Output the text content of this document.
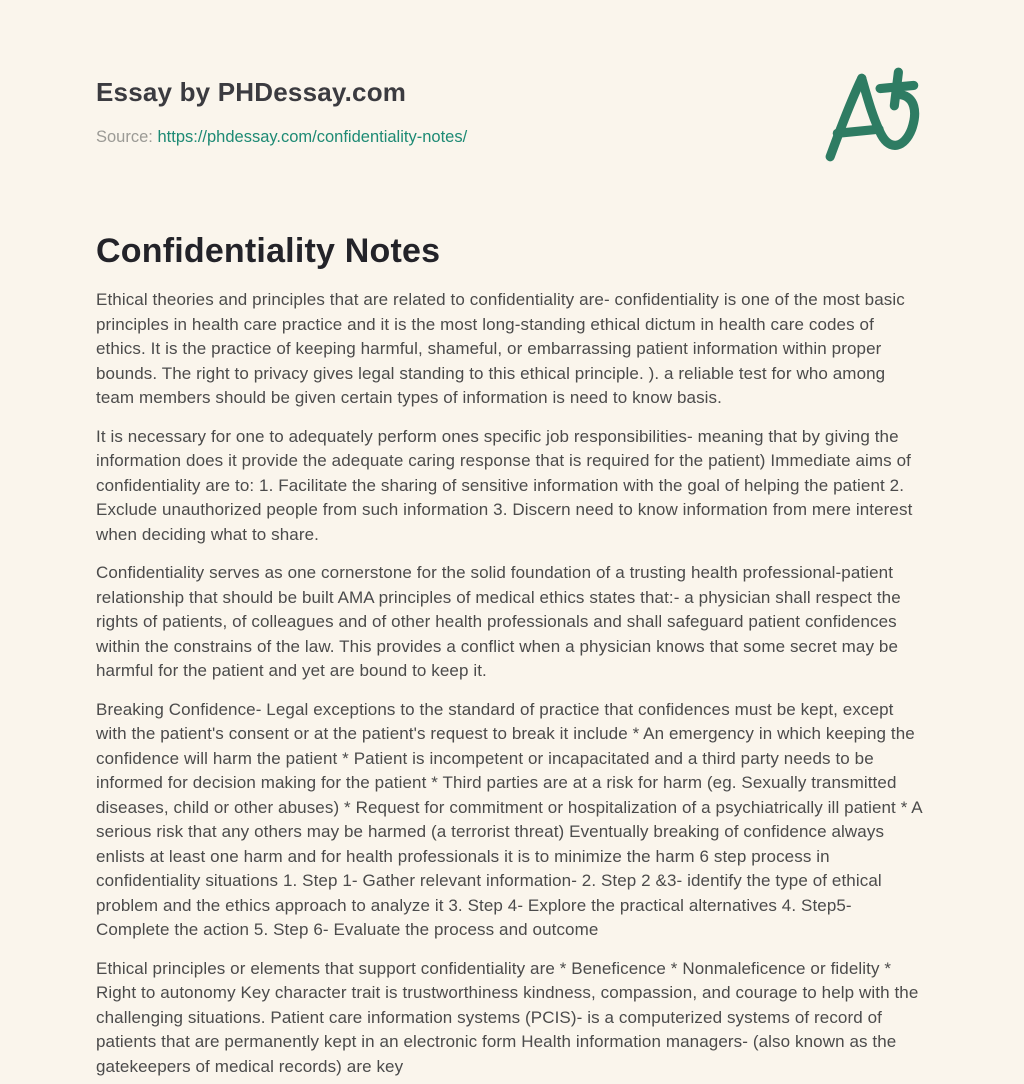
Essay by PHDessay.com
Source: https://phdessay.com/confidentiality-notes/
Confidentiality Notes

Ethical theories and principles that are related to confidentiality are- confidentiality is one of the most basic principles in health care practice and it is the most long-standing ethical dictum in health care codes of ethics. It is the practice of keeping harmful, shameful, or embarrassing patient information within proper bounds. The right to privacy gives legal standing to this ethical principle. ). a reliable test for who among team members should be given certain types of information is need to know basis.

It is necessary for one to adequately perform ones specific job responsibilities- meaning that by giving the information does it provide the adequate caring response that is required for the patient) Immediate aims of confidentiality are to: 1. Facilitate the sharing of sensitive information with the goal of helping the patient 2. Exclude unauthorized people from such information 3. Discern need to know information from mere interest when deciding what to share.

Confidentiality serves as one cornerstone for the solid foundation of a trusting health professional-patient relationship that should be built AMA principles of medical ethics states that:- a physician shall respect the rights of patients, of colleagues and of other health professionals and shall safeguard patient confidences within the constrains of the law. This provides a conflict when a physician knows that some secret may be harmful for the patient and yet are bound to keep it.

Breaking Confidence- Legal exceptions to the standard of practice that confidences must be kept, except with the patient's consent or at the patient's request to break it include * An emergency in which keeping the confidence will harm the patient * Patient is incompetent or incapacitated and a third party needs to be informed for decision making for the patient * Third parties are at a risk for harm (eg. Sexually transmitted diseases, child or other abuses) * Request for commitment or hospitalization of a psychiatrically ill patient * A serious risk that any others may be harmed (a terrorist threat) Eventually breaking of confidence always enlists at least one harm and for health professionals it is to minimize the harm 6 step process in confidentiality situations 1. Step 1- Gather relevant information- 2. Step 2 &3- identify the type of ethical problem and the ethics approach to analyze it 3. Step 4- Explore the practical alternatives 4. Step5- Complete the action 5. Step 6- Evaluate the process and outcome

Ethical principles or elements that support confidentiality are * Beneficence * Nonmaleficence or fidelity * Right to autonomy Key character trait is trustworthiness kindness, compassion, and courage to help with the challenging situations. Patient care information systems (PCIS)- is a computerized systems of record of patients that are permanently kept in an electronic form Health information managers- (also known as the gatekeepers of medical records) are key
